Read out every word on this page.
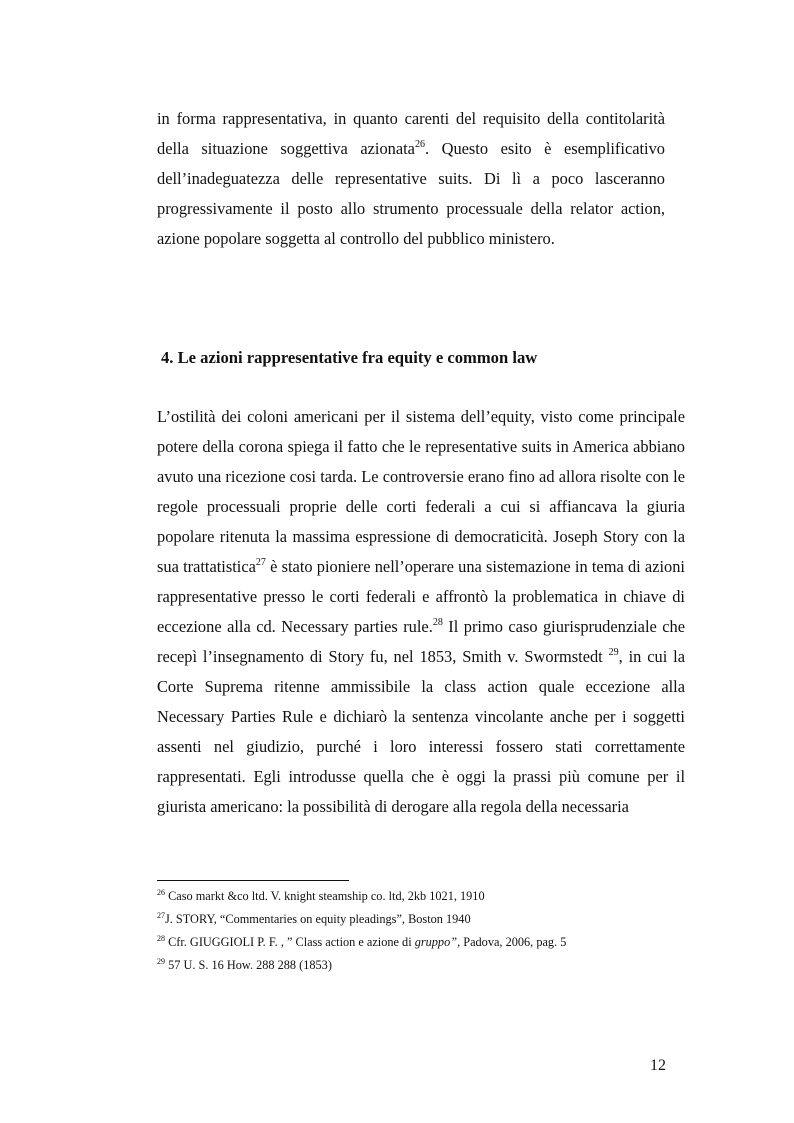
in forma rappresentativa, in quanto carenti del requisito della contitolarità della situazione soggettiva azionata$^{26}$. Questo esito è esemplificativo dell’inadeguatezza delle representative suits. Di lì a poco lasceranno progressivamente il posto allo strumento processuale della relator action, azione popolare soggetta al controllo del pubblico ministero.

4. Le azioni rappresentative fra equity e common law

L’ostilità dei coloni americani per il sistema dell’equity, visto come principale potere della corona spiega il fatto che le representative suits in America abbiano avuto una ricezione cosi tarda. Le controversie erano fino ad allora risolte con le regole processuali proprie delle corti federali a cui si affiancava la giuria popolare ritenuta la massima espressione di democraticità. Joseph Story con la sua trattatistica$^{27}$ è stato pioniere nell’operare una sistemazione in tema di azioni rappresentative presso le corti federali e affrontò la problematica in chiave di eccezione alla cd. Necessary parties rule.$^{28}$ Il primo caso giurisprudenziale che recepì l’insegnamento di Story fu, nel 1853, Smith v. Swormstedt $^{29}$, in cui la Corte Suprema ritenne ammissibile la class action quale eccezione alla Necessary Parties Rule e dichiarò la sentenza vincolante anche per i soggetti assenti nel giudizio, purché i loro interessi fossero stati correttamente rappresentati. Egli introdusse quella che è oggi la prassi più comune per il giurista americano: la possibilità di derogare alla regola della necessaria

$^{26}$ Caso markt &co ltd. V. knight steamship co. ltd, 2kb 1021, 1910

$^{27}$J. STORY, “Commentaries on equity pleadings”, Boston 1940

$^{28}$ Cfr. GIUGGIOLI P. F. , ” Class action e azione di gruppo”, Padova, 2006, pag. 5

$^{29}$ 57 U. S. 16 How. 288 288 (1853)

12
